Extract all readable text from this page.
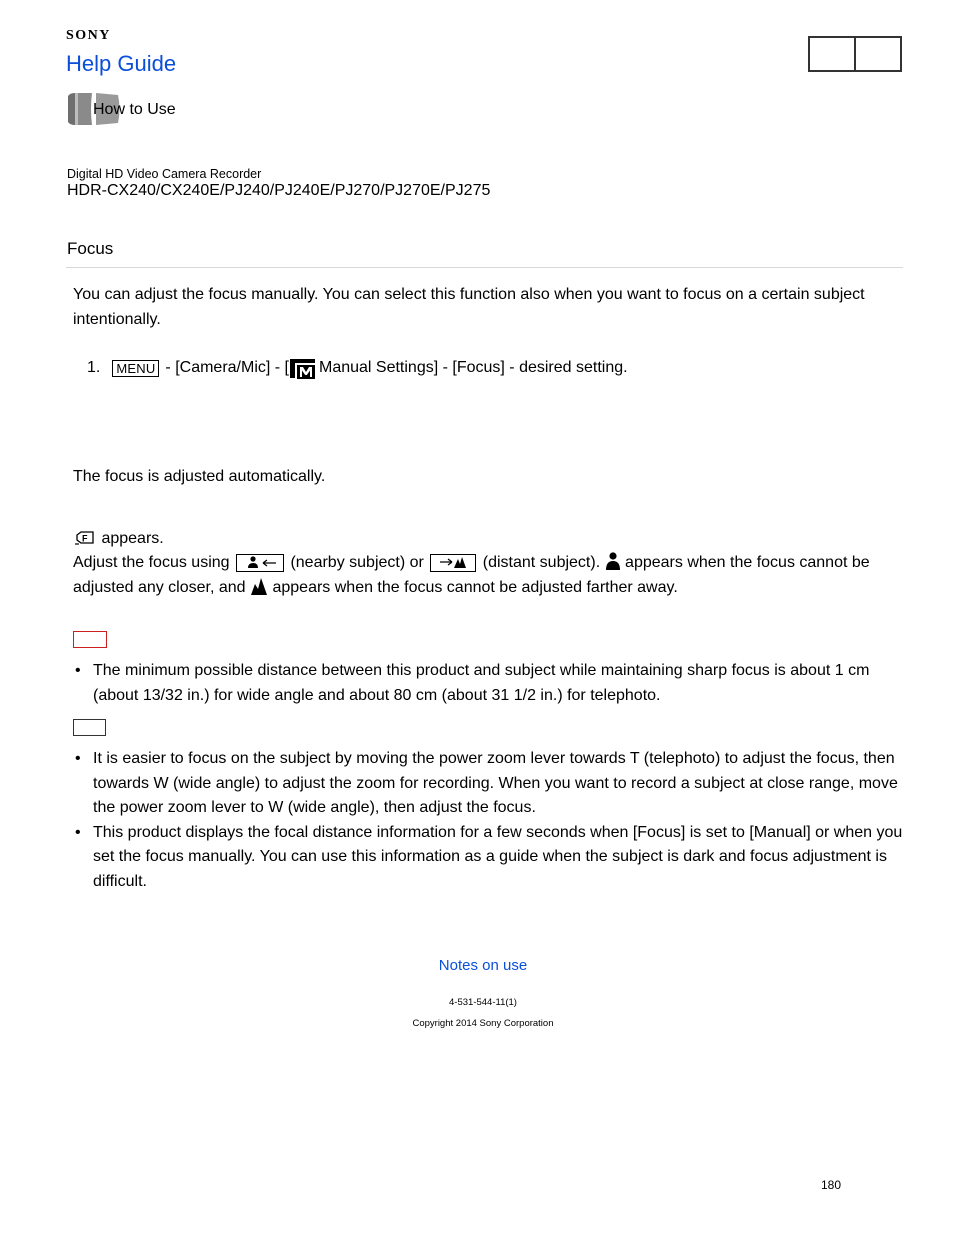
SONY
Help Guide
How to Use
Digital HD Video Camera Recorder
HDR-CX240/CX240E/PJ240/PJ240E/PJ270/PJ270E/PJ275
Focus
You can adjust the focus manually. You can select this function also when you want to focus on a certain subject intentionally.
1.	MENU - [Camera/Mic] - [ Manual Settings] - [Focus] - desired setting.
The focus is adjusted automatically.
F appears.
Adjust the focus using	(nearby subject) or	(distant subject). appears when the focus cannot be adjusted any closer, and appears when the focus cannot be adjusted farther away.
• The minimum possible distance between this product and subject while maintaining sharp focus is about 1 cm (about 13/32 in.) for wide angle and about 80 cm (about 31 1/2 in.) for telephoto.
• It is easier to focus on the subject by moving the power zoom lever towards T (telephoto) to adjust the focus, then towards W (wide angle) to adjust the zoom for recording. When you want to record a subject at close range, move the power zoom lever to W (wide angle), then adjust the focus.
• This product displays the focal distance information for a few seconds when [Focus] is set to [Manual] or when you set the focus manually. You can use this information as a guide when the subject is dark and focus adjustment is difficult.
Notes on use
4-531-544-11(1)
Copyright 2014 Sony Corporation
180
